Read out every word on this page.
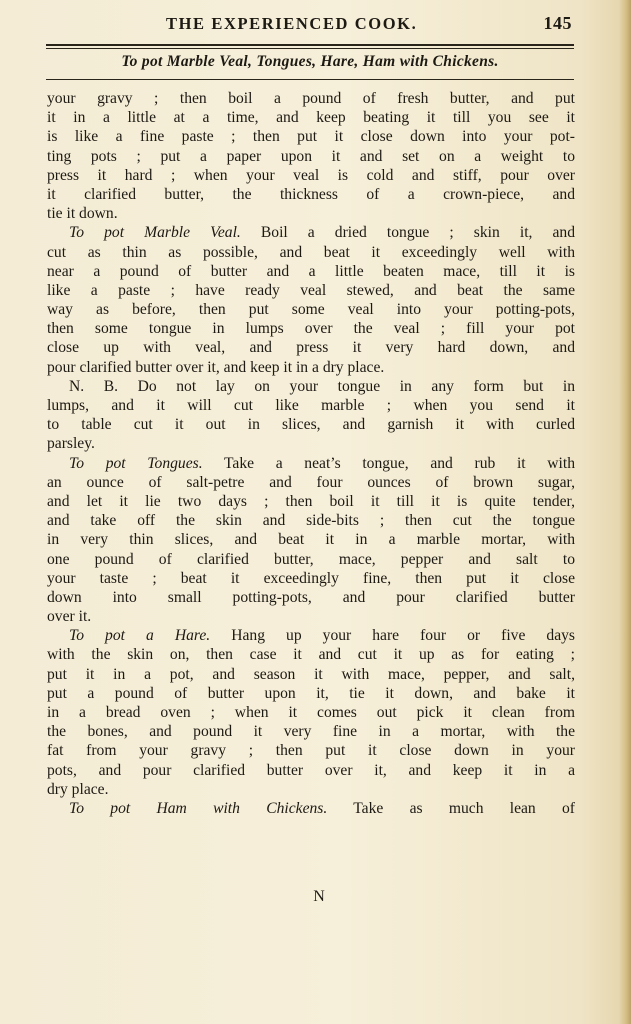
THE EXPERIENCED COOK.	145
To pot Marble Veal, Tongues, Hare, Ham with Chickens.
your gravy ; then boil a pound of fresh butter, and put
it in a little at a time, and keep beating it till you see it
is like a fine paste ; then put it close down into your pot-
ting pots ; put a paper upon it and set on a weight to
press it hard ; when your veal is cold and stiff, pour over
it clarified butter, the thickness of a crown-piece, and
tie it down.
To pot Marble Veal. Boil a dried tongue ; skin it, and
cut as thin as possible, and beat it exceedingly well with
near a pound of butter and a little beaten mace, till it is
like a paste ; have ready veal stewed, and beat the same
way as before, then put some veal into your potting-pots,
then some tongue in lumps over the veal ; fill your pot
close up with veal, and press it very hard down, and
pour clarified butter over it, and keep it in a dry place.
N. B. Do not lay on your tongue in any form but in
lumps, and it will cut like marble ; when you send it
to table cut it out in slices, and garnish it with curled
parsley.
To pot Tongues. Take a neat’s tongue, and rub it with
an ounce of salt-petre and four ounces of brown sugar,
and let it lie two days ; then boil it till it is quite tender,
and take off the skin and side-bits ; then cut the tongue
in very thin slices, and beat it in a marble mortar, with
one pound of clarified butter, mace, pepper and salt to
your taste ; beat it exceedingly fine, then put it close
down into small potting-pots, and pour clarified butter
over it.
To pot a Hare. Hang up your hare four or five days
with the skin on, then case it and cut it up as for eating ;
put it in a pot, and season it with mace, pepper, and salt,
put a pound of butter upon it, tie it down, and bake it
in a bread oven ; when it comes out pick it clean from
the bones, and pound it very fine in a mortar, with the
fat from your gravy ; then put it close down in your
pots, and pour clarified butter over it, and keep it in a
dry place.
To pot Ham with Chickens. Take as much lean of
N
